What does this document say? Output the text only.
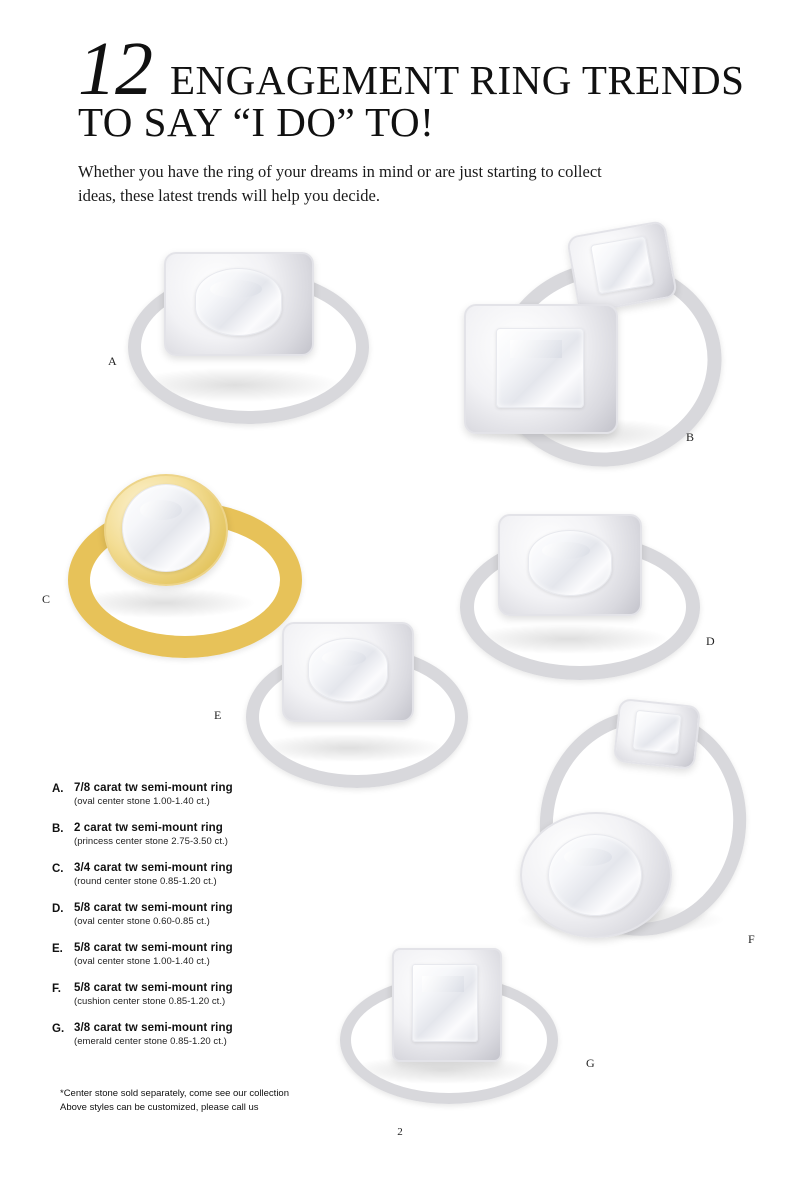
12 ENGAGEMENT RING TRENDS
TO SAY “I DO” TO!
Whether you have the ring of your dreams in mind or are just starting to collect ideas, these latest trends will help you decide.
A
B
C
D
E
F
G
A. 7/8 carat tw semi-mount ring
(oval center stone 1.00-1.40 ct.)
B. 2 carat tw semi-mount ring
(princess center stone 2.75-3.50 ct.)
C. 3/4 carat tw semi-mount ring
(round center stone 0.85-1.20 ct.)
D. 5/8 carat tw semi-mount ring
(oval center stone 0.60-0.85 ct.)
E. 5/8 carat tw semi-mount ring
(oval center stone 1.00-1.40 ct.)
F.	5/8 carat tw semi-mount ring
(cushion center stone 0.85-1.20 ct.)
G. 3/8 carat tw semi-mount ring
(emerald center stone 0.85-1.20 ct.)
*Center stone sold separately, come see our collection
Above styles can be customized, please call us
2
